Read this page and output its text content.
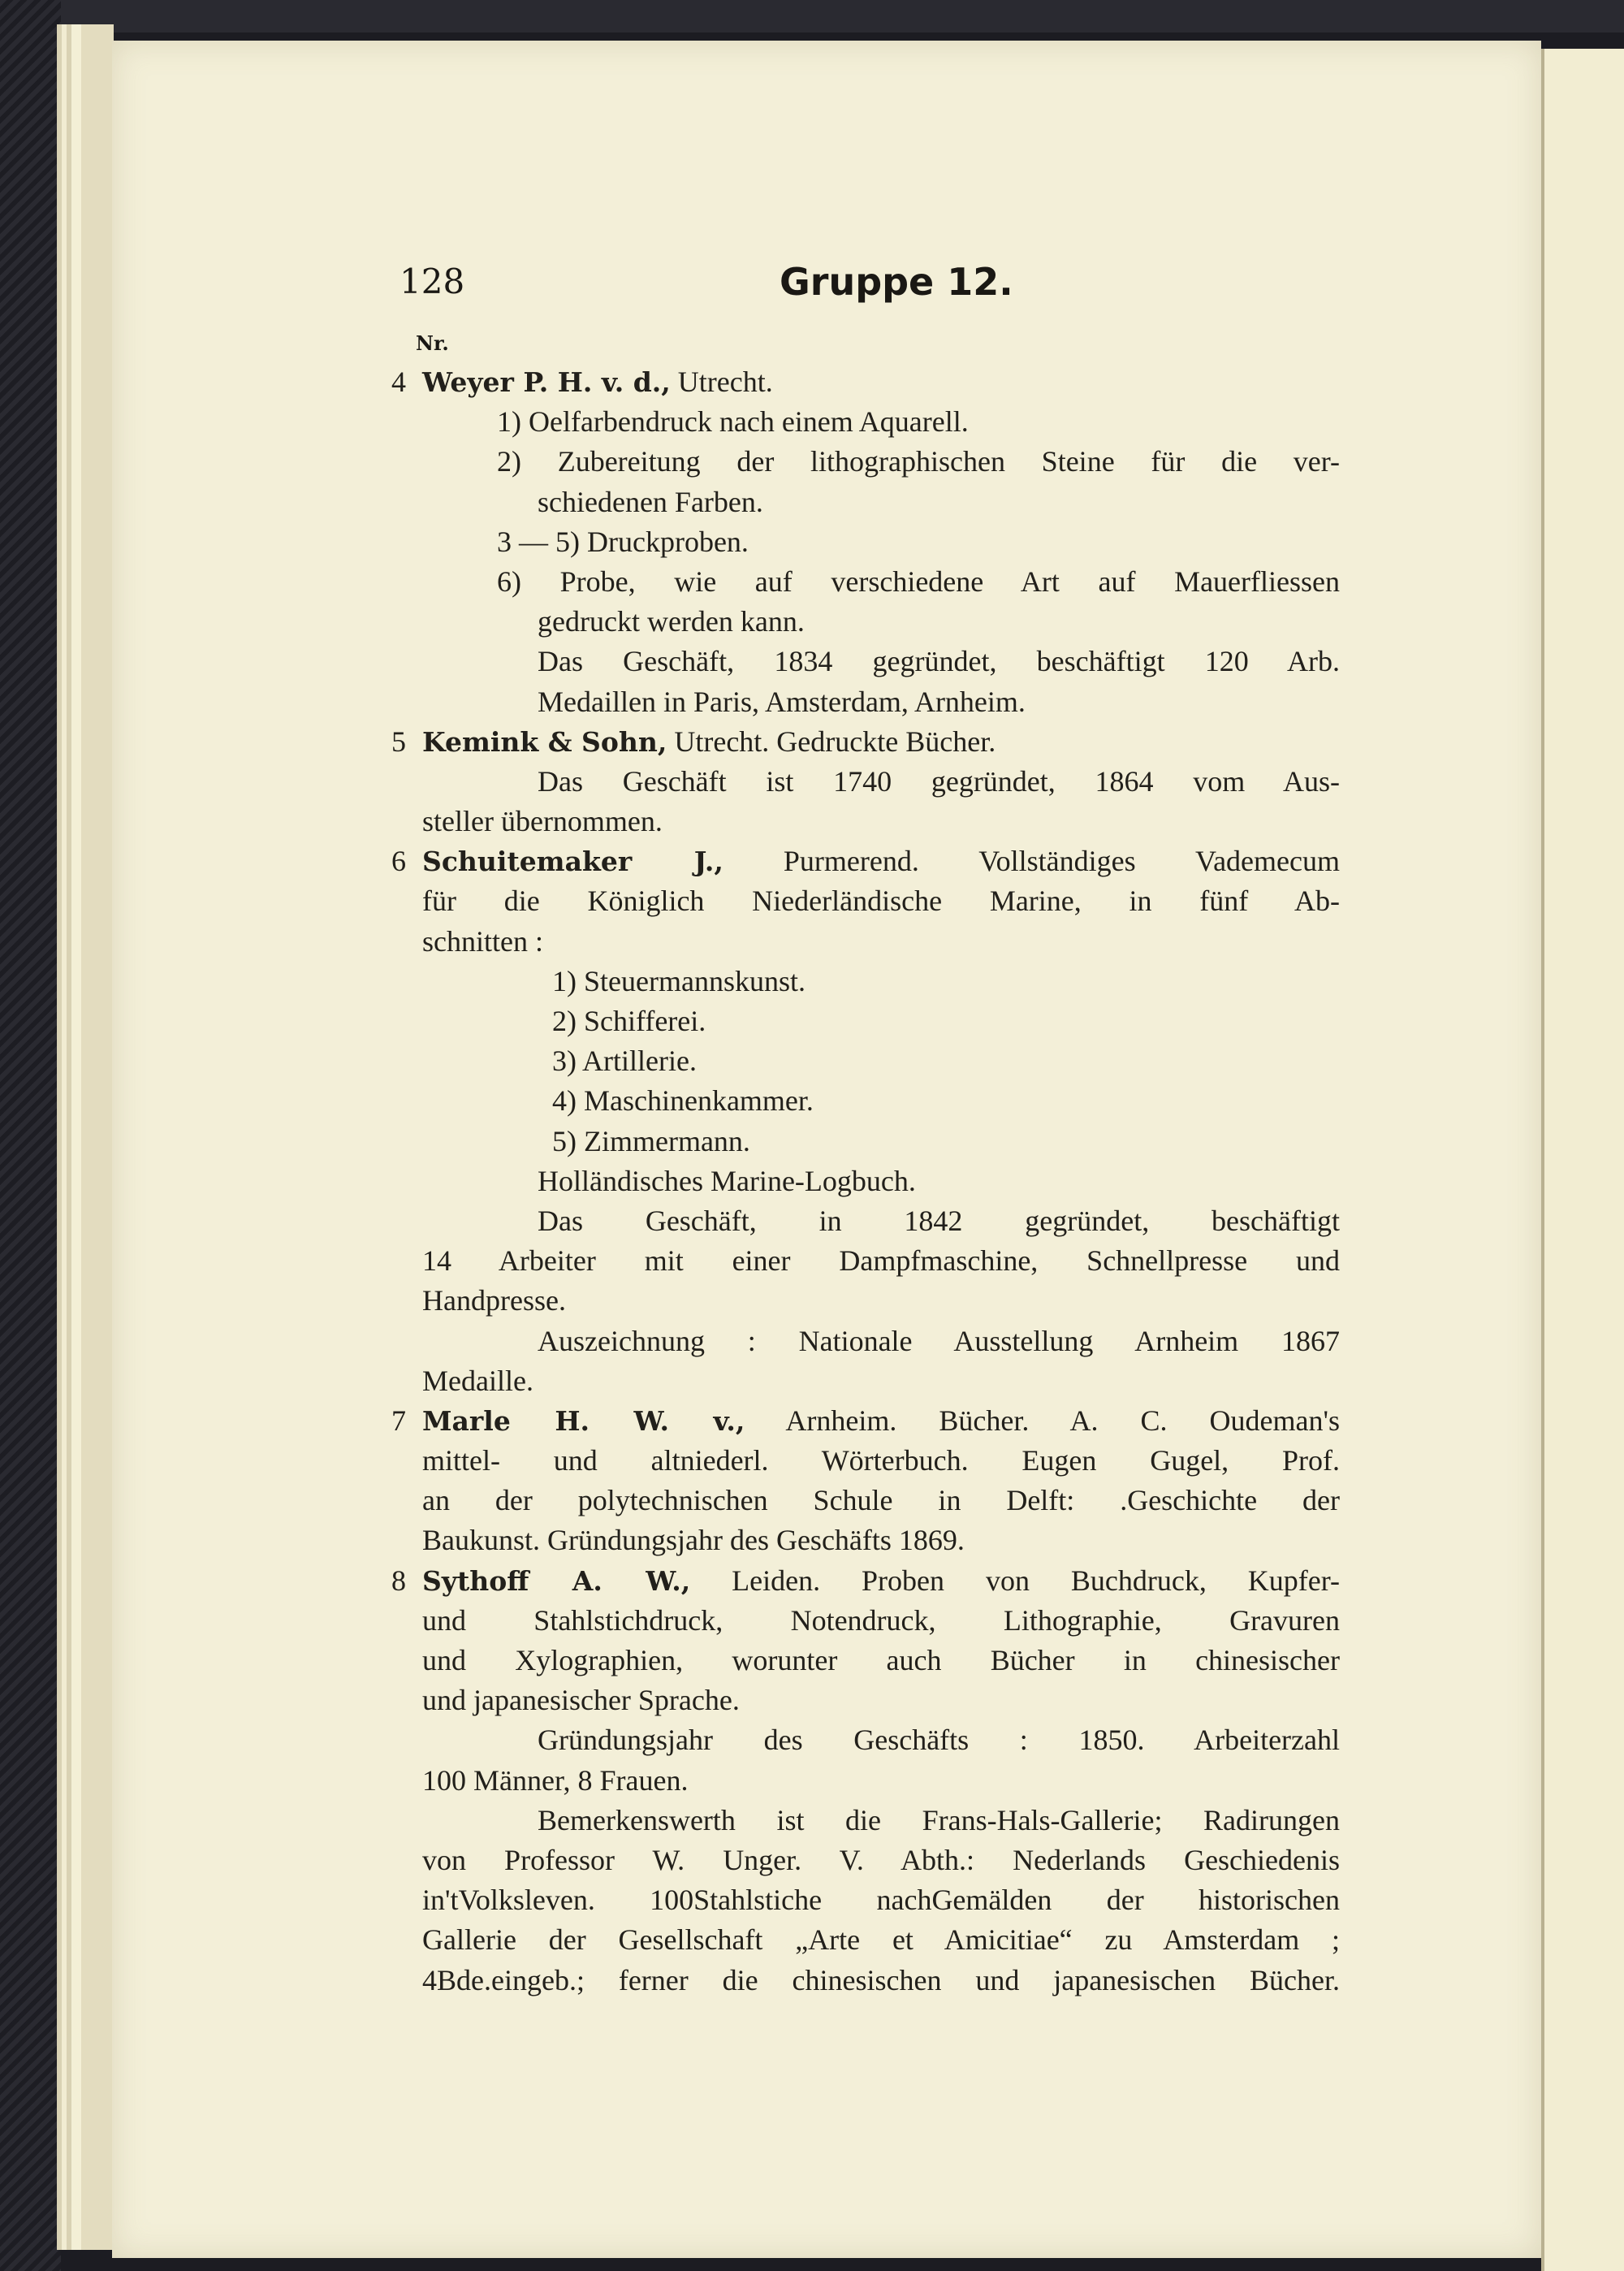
128	Gruppe 12.
Nr.
4 Weyer P. H. v. d., Utrecht.
1) Oelfarbendruck nach einem Aquarell.
2) Zubereitung der lithographischen Steine für die ver-
schiedenen Farben.
3 — 5) Druckproben.
6) Probe, wie auf verschiedene Art auf Mauerfliessen
gedruckt werden kann.
Das Geschäft, 1834 gegründet, beschäftigt 120 Arb.
Medaillen in Paris, Amsterdam, Arnheim.
5 Kemink & Sohn, Utrecht. Gedruckte Bücher.
Das Geschäft ist 1740 gegründet, 1864 vom Aus-
steller übernommen.
6 Schuitemaker J., Purmerend. Vollständiges Vademecum
für die Königlich Niederländische Marine, in fünf Ab-
schnitten :
1) Steuermannskunst.
2) Schifferei.
3) Artillerie.
4) Maschinenkammer.
5) Zimmermann.
Holländisches Marine-Logbuch.
Das Geschäft, in 1842 gegründet, beschäftigt
14 Arbeiter mit einer Dampfmaschine, Schnellpresse und
Handpresse.
Auszeichnung : Nationale Ausstellung Arnheim 1867
Medaille.
7 Marle H. W. v., Arnheim. Bücher. A. C. Oudeman's
mittel- und altniederl. Wörterbuch. Eugen Gugel, Prof.
an der polytechnischen Schule in Delft: .Geschichte der
Baukunst. Gründungsjahr des Geschäfts 1869.
8 Sythoff A. W., Leiden. Proben von Buchdruck, Kupfer-
und Stahlstichdruck, Notendruck, Lithographie, Gravuren
und Xylographien, worunter auch Bücher in chinesischer
und japanesischer Sprache.
Gründungsjahr des Geschäfts : 1850. Arbeiterzahl
100 Männer, 8 Frauen.
Bemerkenswerth ist die Frans-Hals-Gallerie; Radirungen
von Professor W. Unger. V. Abth.: Nederlands Geschiedenis
in'tVolksleven. 100Stahlstiche nachGemälden der historischen
Gallerie der Gesellschaft „Arte et Amicitiae“ zu Amsterdam ;
4Bde.eingeb.; ferner die chinesischen und japanesischen Bücher.
